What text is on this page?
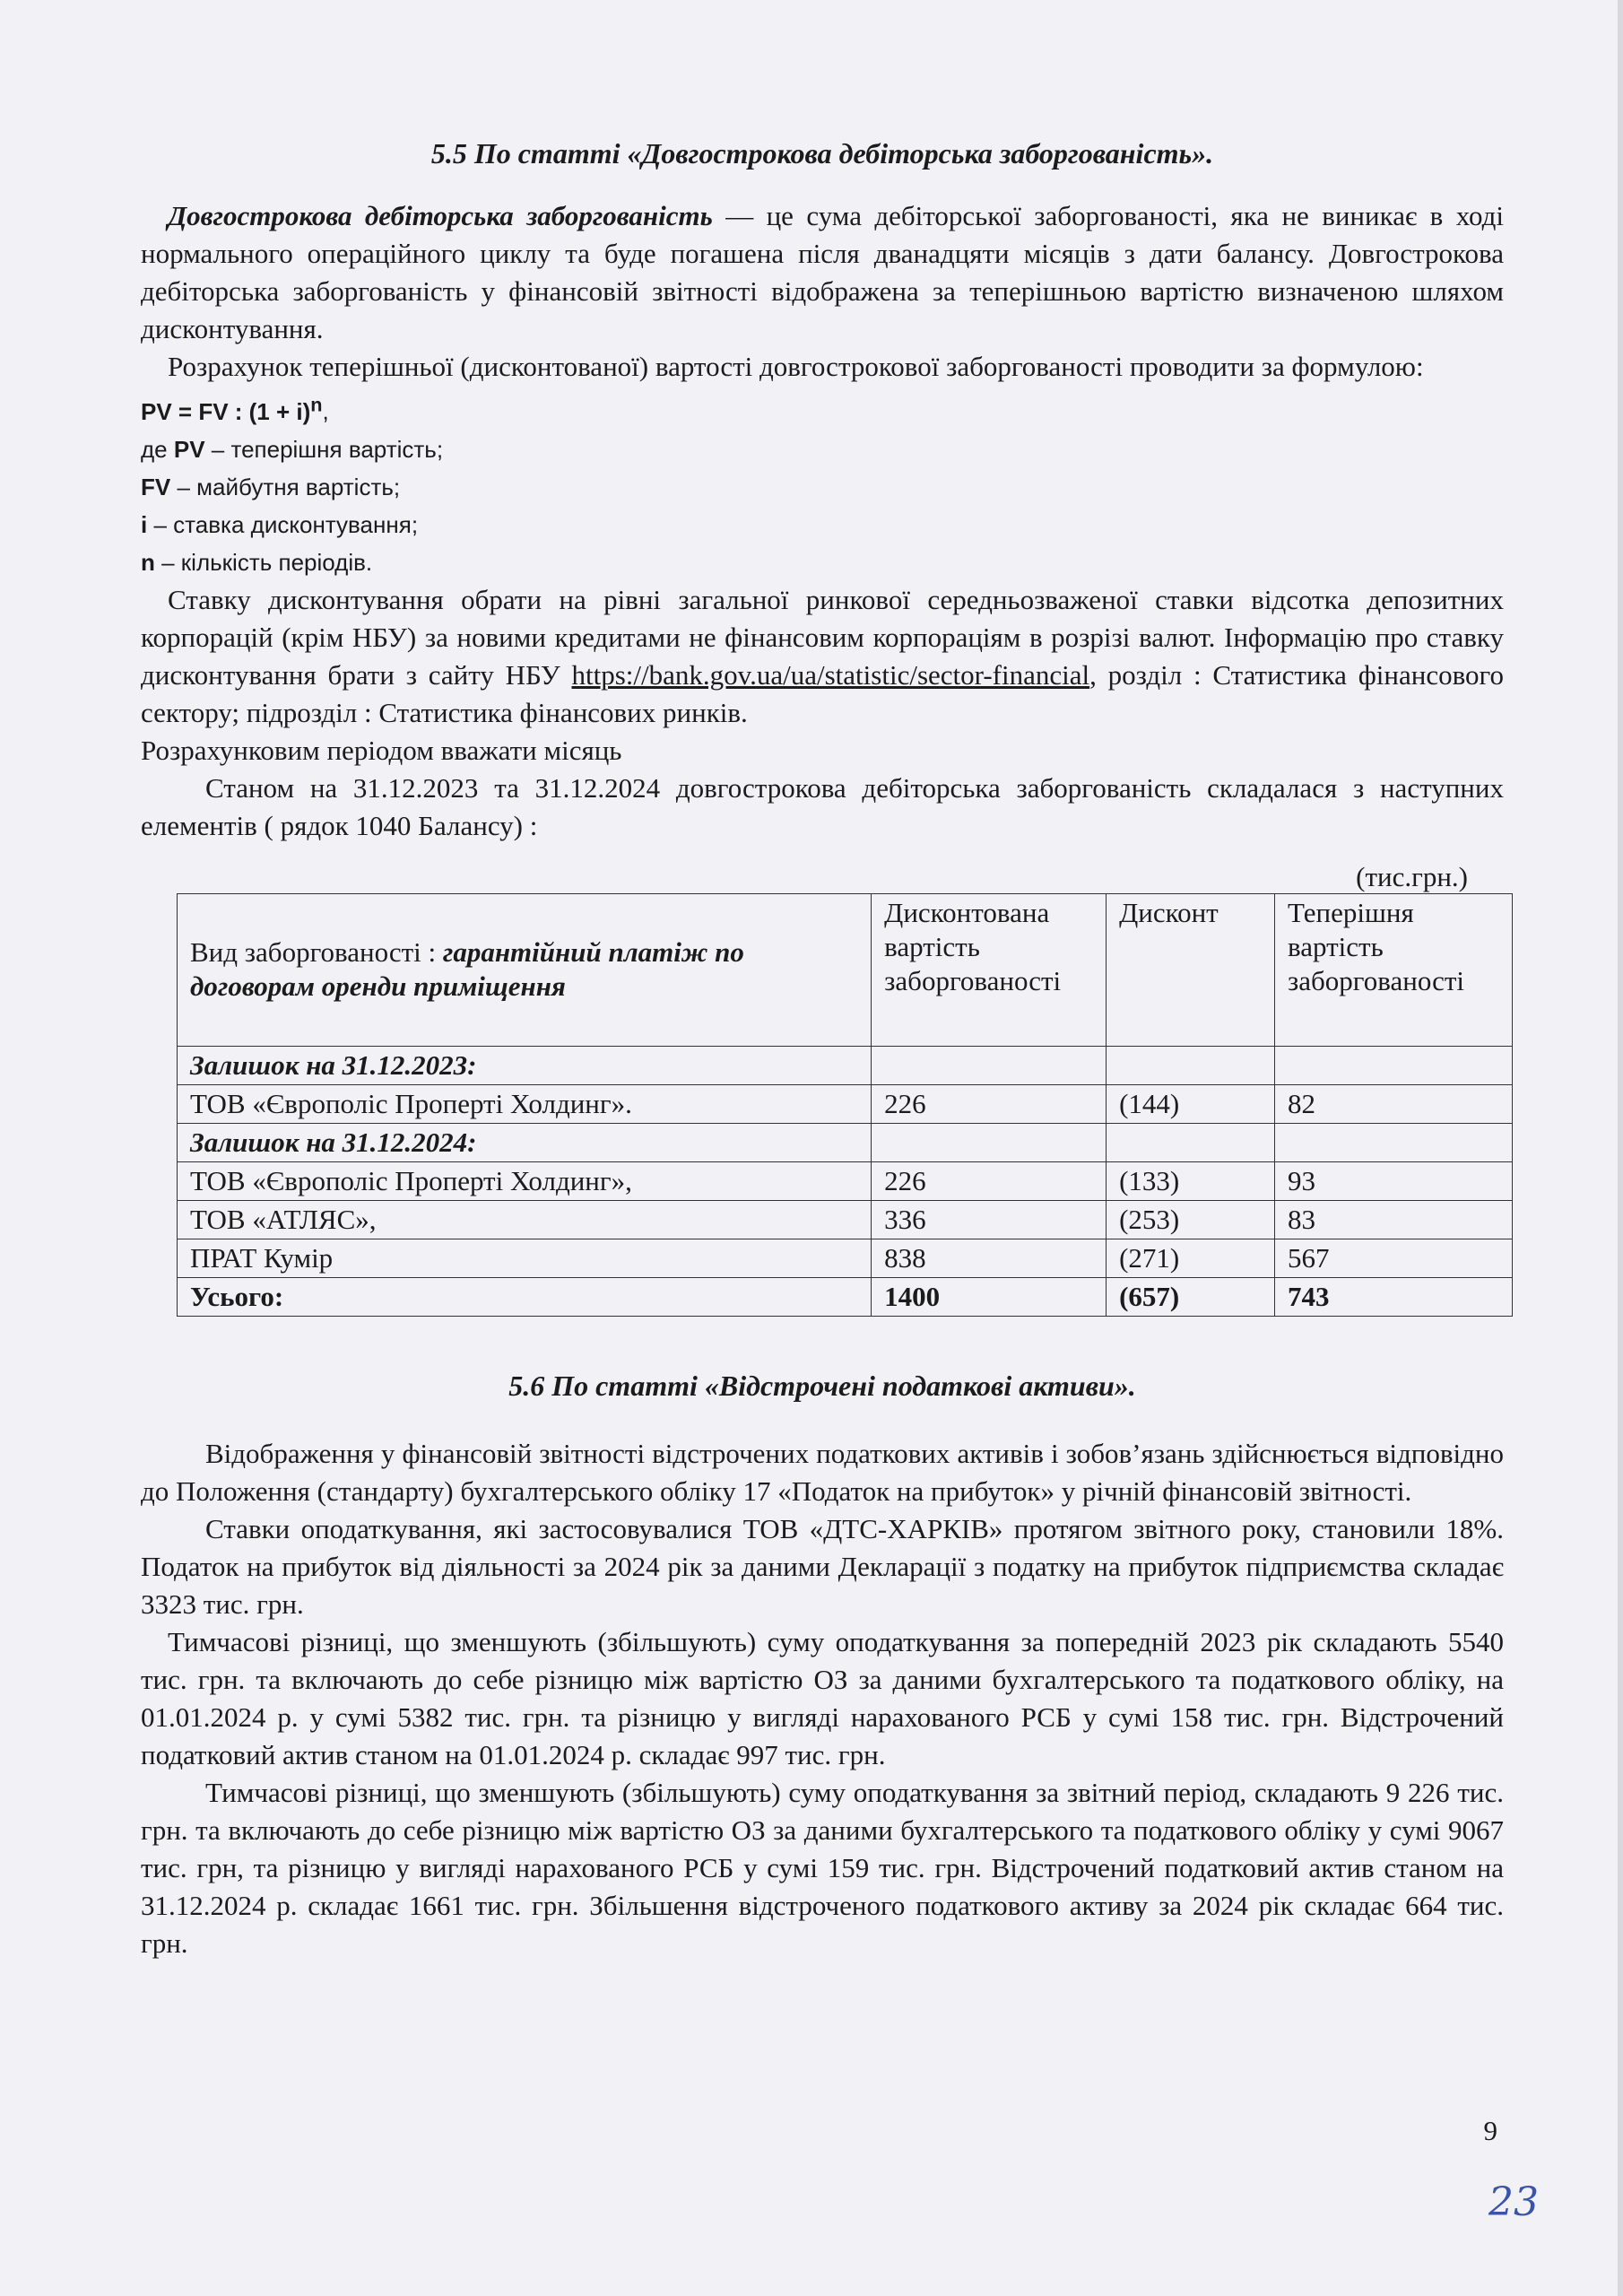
5.5 По статті «Довгострокова дебіторська заборгованість».

Довгострокова дебіторська заборгованість — це сума дебіторської заборгованості, яка не виникає в ході нормального операційного циклу та буде погашена після дванадцяти місяців з дати балансу. Довгострокова дебіторська заборгованість у фінансовій звітності відображена за теперішньою вартістю визначеною шляхом дисконтування.

Розрахунок теперішньої (дисконтованої) вартості довгострокової заборгованості проводити за формулою:

PV = FV : $(1 + i)^n$,
де PV – теперішня вартість;
FV – майбутня вартість;
i – ставка дисконтування;
n – кількість періодів.

Ставку дисконтування обрати на рівні загальної ринкової середньозваженої ставки відсотка депозитних корпорацій (крім НБУ) за новими кредитами не фінансовим корпораціям в розрізі валют. Інформацію про ставку дисконтування брати з сайту НБУ https://bank.gov.ua/ua/statistic/sector-financial, розділ : Статистика фінансового сектору; підрозділ : Статистика фінансових ринків.

Розрахунковим періодом вважати місяць

Станом на 31.12.2023 та 31.12.2024 довгострокова дебіторська заборгованість складалася з наступних елементів ( рядок 1040 Балансу) :

(тис.грн.)
Вид заборгованості : гарантійний платіж по договорам оренди приміщення	Дисконтована вартість заборгованості	Дисконт	Теперішня вартість заборгованості
Залишок на 31.12.2023:			
ТОВ «Європоліс Проперті Холдинг».	226	(144)	82
Залишок на 31.12.2024:			
ТОВ «Європоліс Проперті Холдинг»,	226	(133)	93
ТОВ «АТЛЯС»,	336	(253)	83
ПРАТ Кумір	838	(271)	567
Усього:	1400	(657)	743
5.6 По статті «Відстрочені податкові активи».

Відображення у фінансовій звітності відстрочених податкових активів і зобов’язань здійснюється відповідно до Положення (стандарту) бухгалтерського обліку 17 «Податок на прибуток» у річній фінансовій звітності.

Ставки оподаткування, які застосовувалися ТОВ «ДТС-ХАРКІВ» протягом звітного року, становили 18%. Податок на прибуток від діяльності за 2024 рік за даними Декларації з податку на прибуток підприємства складає 3323 тис. грн.

Тимчасові різниці, що зменшують (збільшують) суму оподаткування за попередній 2023 рік складають 5540 тис. грн. та включають до себе різницю між вартістю ОЗ за даними бухгалтерського та податкового обліку, на 01.01.2024 р. у сумі 5382 тис. грн. та різницю у вигляді нарахованого РСБ у сумі 158 тис. грн. Відстрочений податковий актив станом на 01.01.2024 р. складає 997 тис. грн.

Тимчасові різниці, що зменшують (збільшують) суму оподаткування за звітний період, складають 9 226 тис. грн. та включають до себе різницю між вартістю ОЗ за даними бухгалтерського та податкового обліку у сумі 9067 тис. грн, та різницю у вигляді нарахованого РСБ у сумі 159 тис. грн. Відстрочений податковий актив станом на 31.12.2024 р. складає 1661 тис. грн. Збільшення відстроченого податкового активу за 2024 рік складає 664 тис. грн.

9
23
